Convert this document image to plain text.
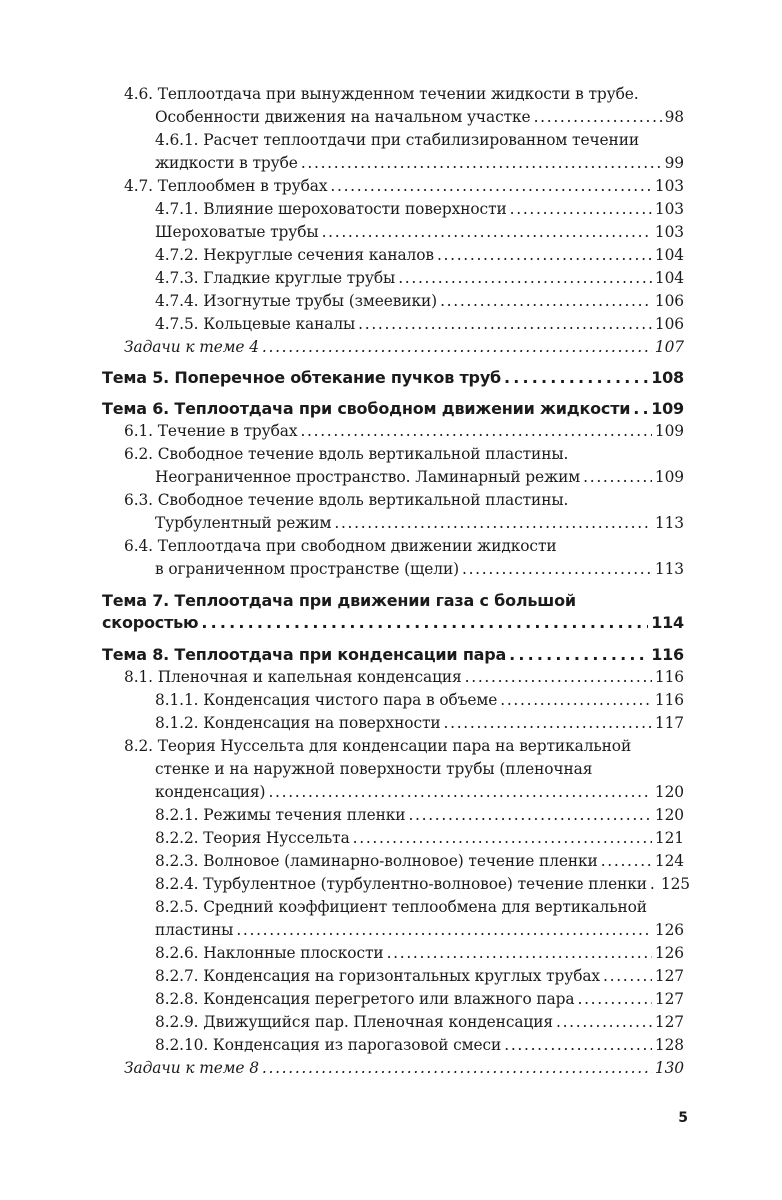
4.6. Теплоотдача при вынужденном течении жидкости в трубе.
Особенности движения на начальном участке . . .	98
4.6.1. Расчет теплоотдачи при стабилизированном течении
жидкости в трубе . . .	99
4.7. Теплообмен в трубах . . .	103
4.7.1. Влияние шероховатости поверхности . . .	103
Шероховатые трубы . . .	103
4.7.2. Некруглые сечения каналов . . .	104
4.7.3. Гладкие круглые трубы . . .	104
4.7.4. Изогнутые трубы (змеевики) . . .	106
4.7.5. Кольцевые каналы . . .	106
Задачи к теме 4 . . .	107
Тема 5. Поперечное обтекание пучков труб . . .	108
Тема 6. Теплоотдача при свободном движении жидкости . . . 109
6.1. Течение в трубах . . .	109
6.2. Свободное течение вдоль вертикальной пластины.
Неограниченное пространство. Ламинарный режим . . .	109
6.3. Свободное течение вдоль вертикальной пластины.
Турбулентный режим . . .	113
6.4. Теплоотдача при свободном движении жидкости
в ограниченном пространстве (щели) . . .	113
Тема 7. Теплоотдача при движении газа с большой
скоростью . . .	114
Тема 8. Теплоотдача при конденсации пара . . .	116
8.1. Пленочная и капельная конденсация . . .	116
8.1.1. Конденсация чистого пара в объеме . . .	116
8.1.2. Конденсация на поверхности . . .	117
8.2. Теория Нуссельта для конденсации пара на вертикальной
стенке и на наружной поверхности трубы (пленочная
конденсация) . . .	120
8.2.1. Режимы течения пленки . . .	120
8.2.2. Теория Нуссельта . . .	121
8.2.3. Волновое (ламинарно-волновое) течение пленки . . .	124
8.2.4. Турбулентное (турбулентно-волновое) течение пленки . . . 125
8.2.5. Средний коэффициент теплообмена для вертикальной
пластины . . .	126
8.2.6. Наклонные плоскости . . .	126
8.2.7. Конденсация на горизонтальных круглых трубах . . .	127
8.2.8. Конденсация перегретого или влажного пара . . .	127
8.2.9. Движущийся пар. Пленочная конденсация . . .	127
8.2.10. Конденсация из парогазовой смеси . . .	128
Задачи к теме 8 . . .	130
5
